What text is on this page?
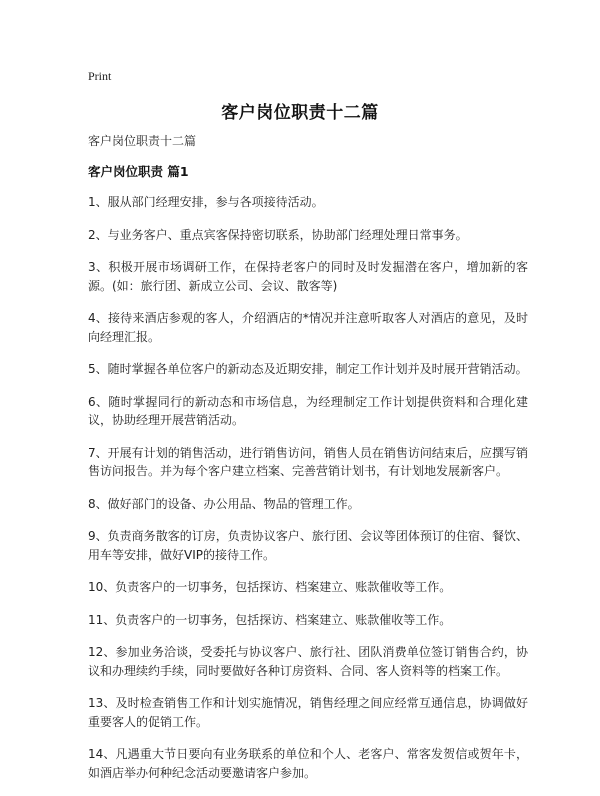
Print
客户岗位职责十二篇

客户岗位职责十二篇

客户岗位职责 篇1

1、服从部门经理安排，参与各项接待活动。

2、与业务客户、重点宾客保持密切联系，协助部门经理处理日常事务。

3、积极开展市场调研工作，在保持老客户的同时及时发掘潜在客户，增加新的客源。(如：旅行团、新成立公司、会议、散客等)

4、接待来酒店参观的客人，介绍酒店的*情况并注意听取客人对酒店的意见，及时向经理汇报。

5、随时掌握各单位客户的新动态及近期安排，制定工作计划并及时展开营销活动。

6、随时掌握同行的新动态和市场信息，为经理制定工作计划提供资料和合理化建议，协助经理开展营销活动。

7、开展有计划的销售活动，进行销售访问，销售人员在销售访问结束后，应撰写销售访问报告。并为每个客户建立档案、完善营销计划书，有计划地发展新客户。

8、做好部门的设备、办公用品、物品的管理工作。

9、负责商务散客的订房，负责协议客户、旅行团、会议等团体预订的住宿、餐饮、用车等安排，做好VIP的接待工作。

10、负责客户的一切事务，包括探访、档案建立、账款催收等工作。

11、负责客户的一切事务，包括探访、档案建立、账款催收等工作。

12、参加业务洽谈，受委托与协议客户、旅行社、团队消费单位签订销售合约，协议和办理续约手续，同时要做好各种订房资料、合同、客人资料等的档案工作。

13、及时检查销售工作和计划实施情况，销售经理之间应经常互通信息，协调做好重要客人的促销工作。

14、凡遇重大节日要向有业务联系的单位和个人、老客户、常客发贺信或贺年卡，如酒店举办何种纪念活动要邀请客户参加。
